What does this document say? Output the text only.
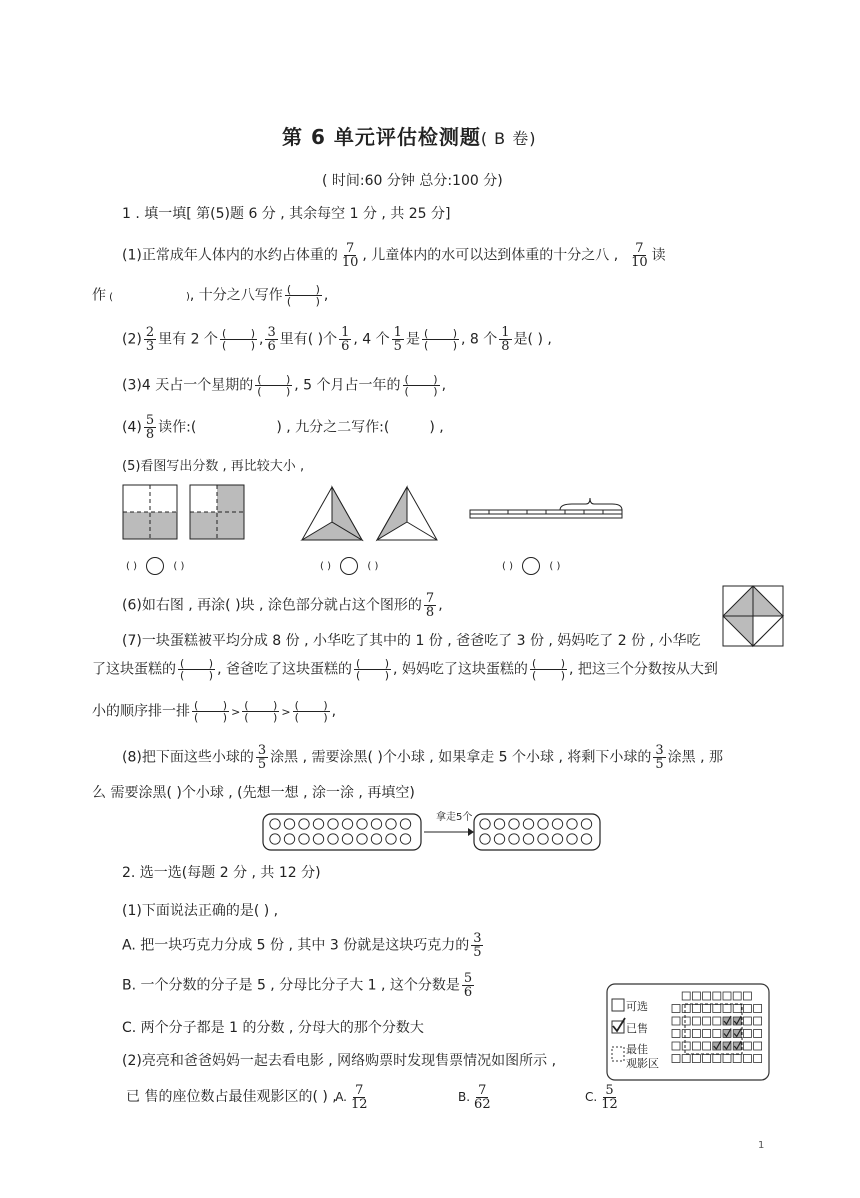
第 6 单元评估检测题( B 卷)
( 时间:60 分钟 总分:100 分)
1 . 填一填[ 第(5)题 6 分 , 其余每空 1 分 , 共 25 分]
(1)正常成年人体内的水约占体重的 $\frac{7}{10}$ , 儿童体内的水可以达到体重的十分之八 , $\frac{7}{10}$ 读
作 (	), 十分之八写作 (       )
(       ) ,
$(2) \frac{2}{3}$ 里有 2 个 (       )
(       ) , $\frac{3}{6}$ 里有( )个 $\frac{1}{6}$ , 4 个 $\frac{1}{5}$ 是 (       )
(       ) , 8 个 $\frac{1}{8}$ 是( ) ,
(3)4 天占一个星期的 (       )
(       ) , 5 个月占一年的 (       )
(       ) ,
$(4) \frac{5}{8}$ 读作:(	) , 九分之二写作:(	) ,
(5)看图写出分数 , 再比较大小 ,
( )	( )	( )	( )	( )	( )
(6)如右图 , 再涂( )块 , 涂色部分就占这个图形的 $\frac{7}{8}$ ,
(7)一块蛋糕被平均分成 8 份 , 小华吃了其中的 1 份 , 爸爸吃了 3 份 , 妈妈吃了 2 份 , 小华吃
了这块蛋糕的 (       )
(       ) , 爸爸吃了这块蛋糕的 (       )
(       ) , 妈妈吃了这块蛋糕的 (       )
(       ) , 把这三个分数按从大到
小的顺序排一排 (       )
(       ) > (       )
(       ) > (       )
(       ) ,
(8)把下面这些小球的 $\frac{3}{5}$ 涂黑 , 需要涂黑( )个小球 , 如果拿走 5 个小球 , 将剩下小球的 $\frac{3}{5}$ 涂黑 , 那
么 需要涂黑( )个小球 , (先想一想 , 涂一涂 , 再填空)
拿走5个
2. 选一选(每题 2 分 , 共 12 分)
(1)下面说法正确的是( ) ,
A. 把一块巧克力分成 5 份 , 其中 3 份就是这块巧克力的 $\frac{3}{5}$
B. 一个分数的分子是 5 , 分母比分子大 1 , 这个分数是 $\frac{5}{6}$
C. 两个分子都是 1 的分数 , 分母大的那个分数大
(2)亮亮和爸爸妈妈一起去看电影 , 网络购票时发现售票情况如图所示 ,
已 售的座位数占最佳观影区的( ) , A. $\frac{7}{12}$	B. $\frac{7}{62}$	C. $\frac{5}{12}$
可选
已售
最佳
观影区
1
